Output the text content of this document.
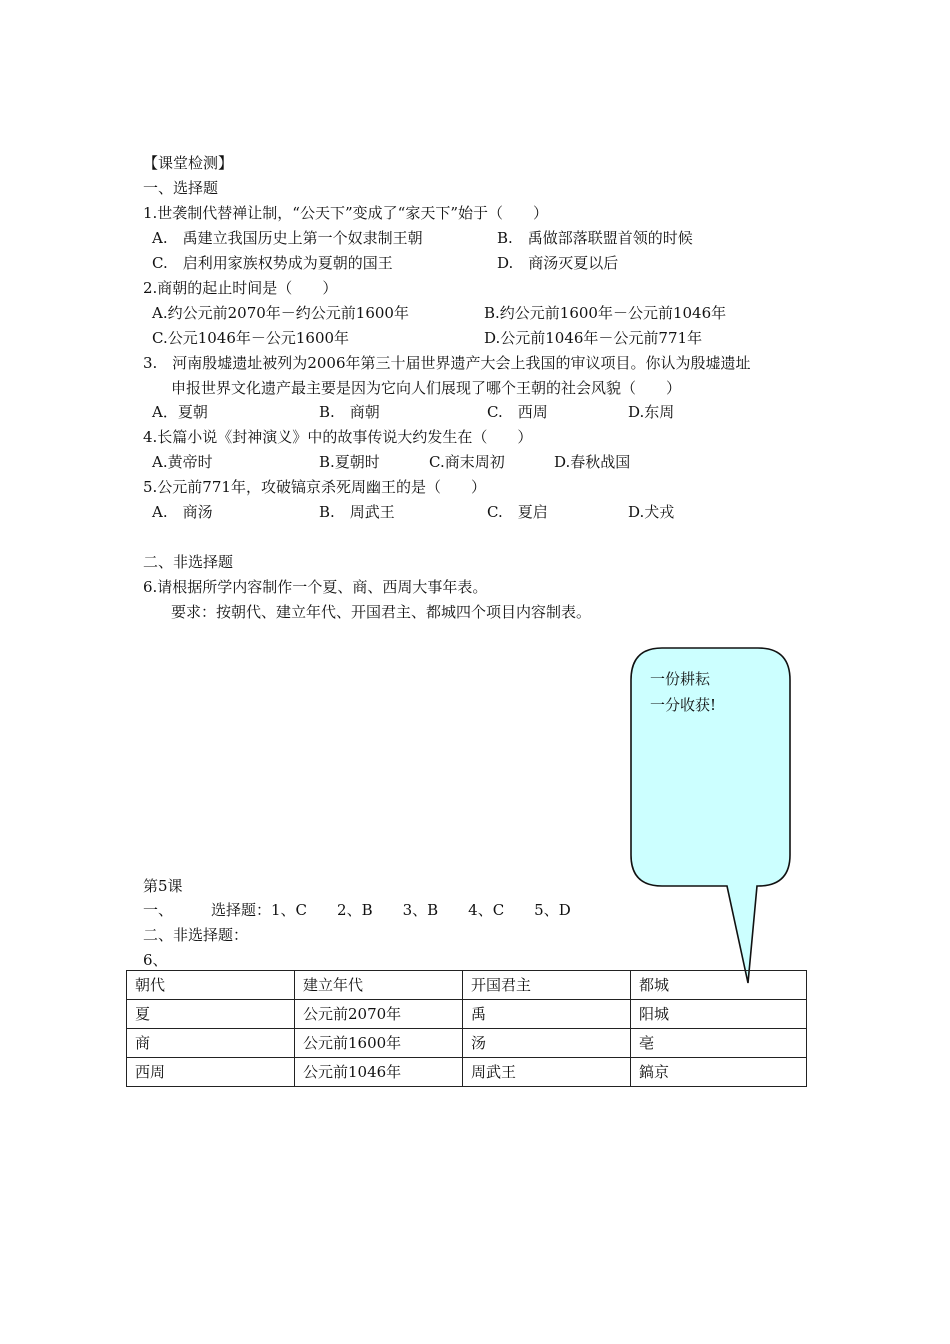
【课堂检测】
一、选择题
1.世袭制代替禅让制，“公天下”变成了“家天下”始于（　　）
A.　禹建立我国历史上第一个奴隶制王朝	B.　禹做部落联盟首领的时候
C.　启利用家族权势成为夏朝的国王	D.　商汤灭夏以后
2.商朝的起止时间是（　　）
A.约公元前2070年－约公元前1600年	B.约公元前1600年－公元前1046年
C.公元1046年－公元1600年	D.公元前1046年－公元前771年
3.　河南殷墟遗址被列为2006年第三十届世界遗产大会上我国的审议项目。你认为殷墟遗址
申报世界文化遗产最主要是因为它向人们展现了哪个王朝的社会风貌（　　）
A．夏朝	B.　商朝	C.　西周	D.东周
4.长篇小说《封神演义》中的故事传说大约发生在（　　）
A.黄帝时	B.夏朝时	C.商末周初	D.春秋战国
5.公元前771年，攻破镐京杀死周幽王的是（　　）
A.　商汤	B.　周武王	C.　夏启	D.犬戎
二、非选择题
6.请根据所学内容制作一个夏、商、西周大事年表。
要求：按朝代、建立年代、开国君主、都城四个项目内容制表。
一份耕耘
一分收获!
第5课
一、	选择题：1、C　　2、B　　3、B　　4、C　　5、D
二、非选择题：
6、
朝代	建立年代	开国君主	都城
夏	公元前2070年	禹	阳城
商	公元前1600年	汤	亳
西周	公元前1046年	周武王	鎬京
